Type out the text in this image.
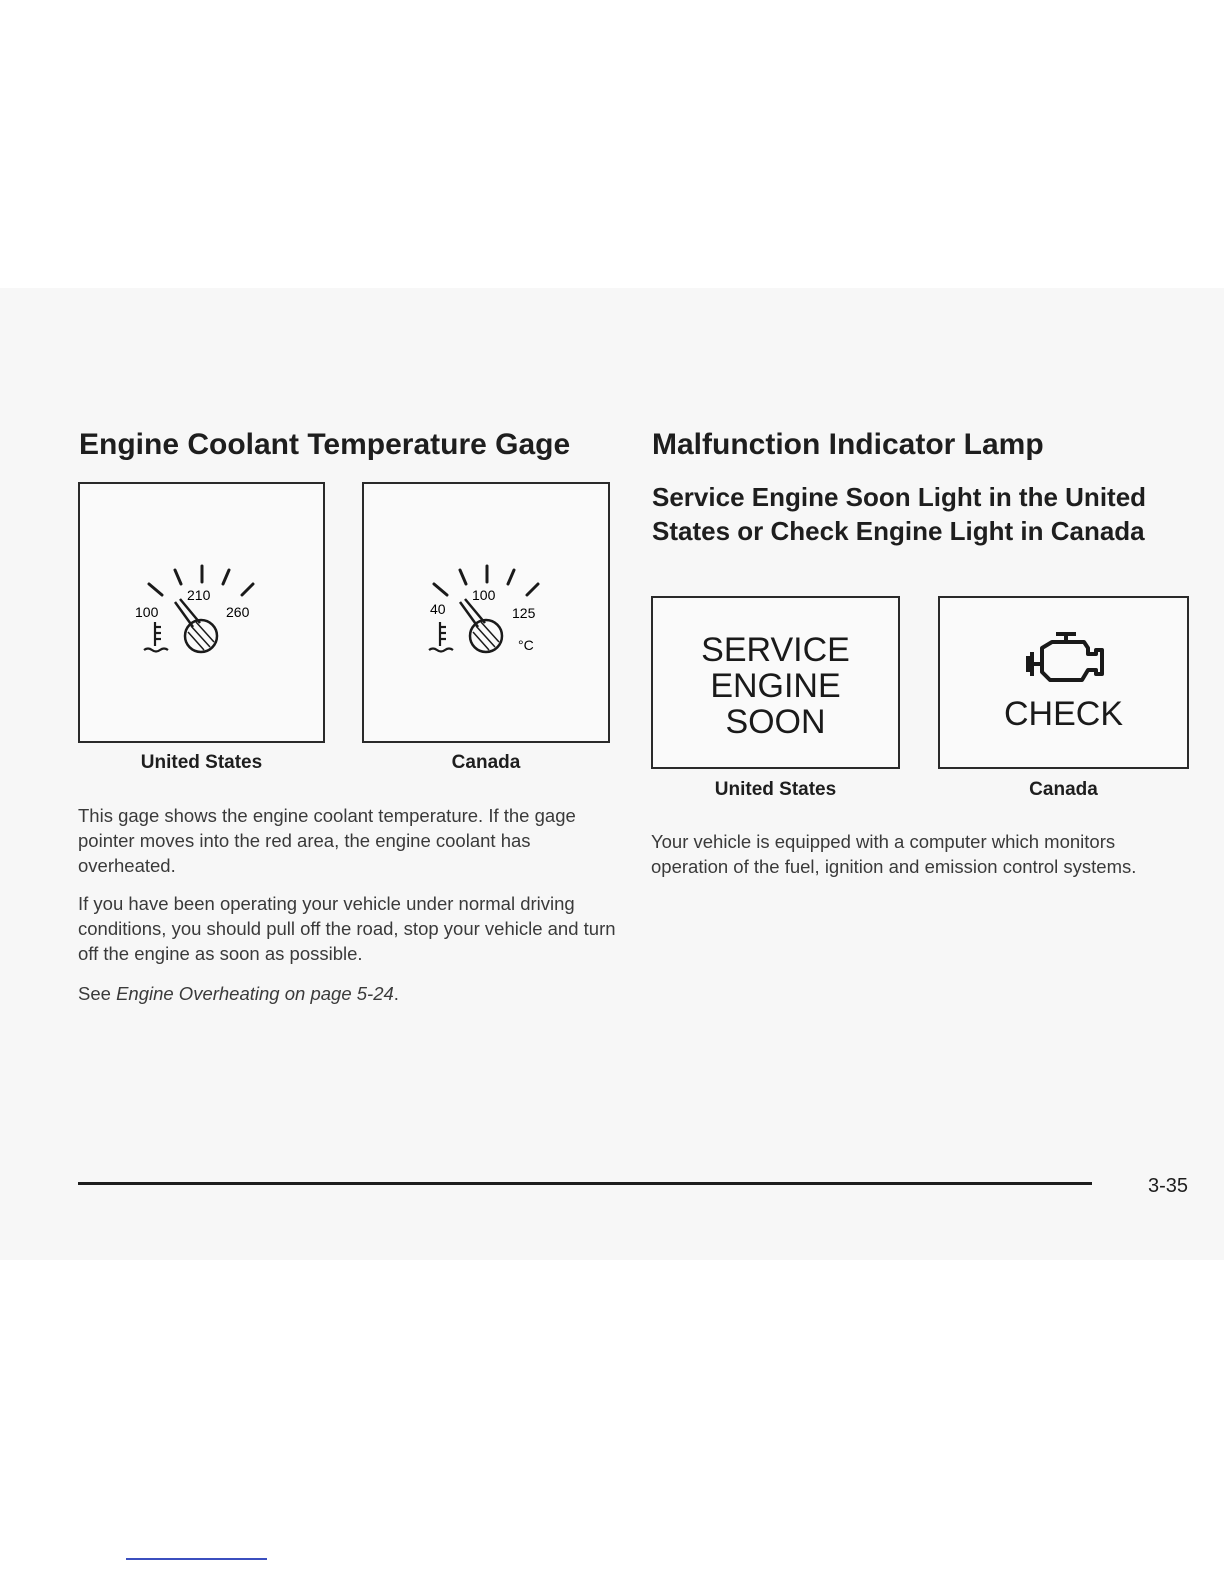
Engine Coolant Temperature Gage
100
210
260	40
100
125
°C
United States	Canada

This gage shows the engine coolant temperature. If the gage pointer moves into the red area, the engine coolant has overheated.

If you have been operating your vehicle under normal driving conditions, you should pull off the road, stop your vehicle and turn off the engine as soon as possible.

See Engine Overheating on page 5-24.

Malfunction Indicator Lamp
Service Engine Soon Light in the United States or Check Engine Light in Canada
SERVICE
ENGINE
SOON	CHECK
United States	Canada

Your vehicle is equipped with a computer which monitors operation of the fuel, ignition and emission control systems.

3-35
